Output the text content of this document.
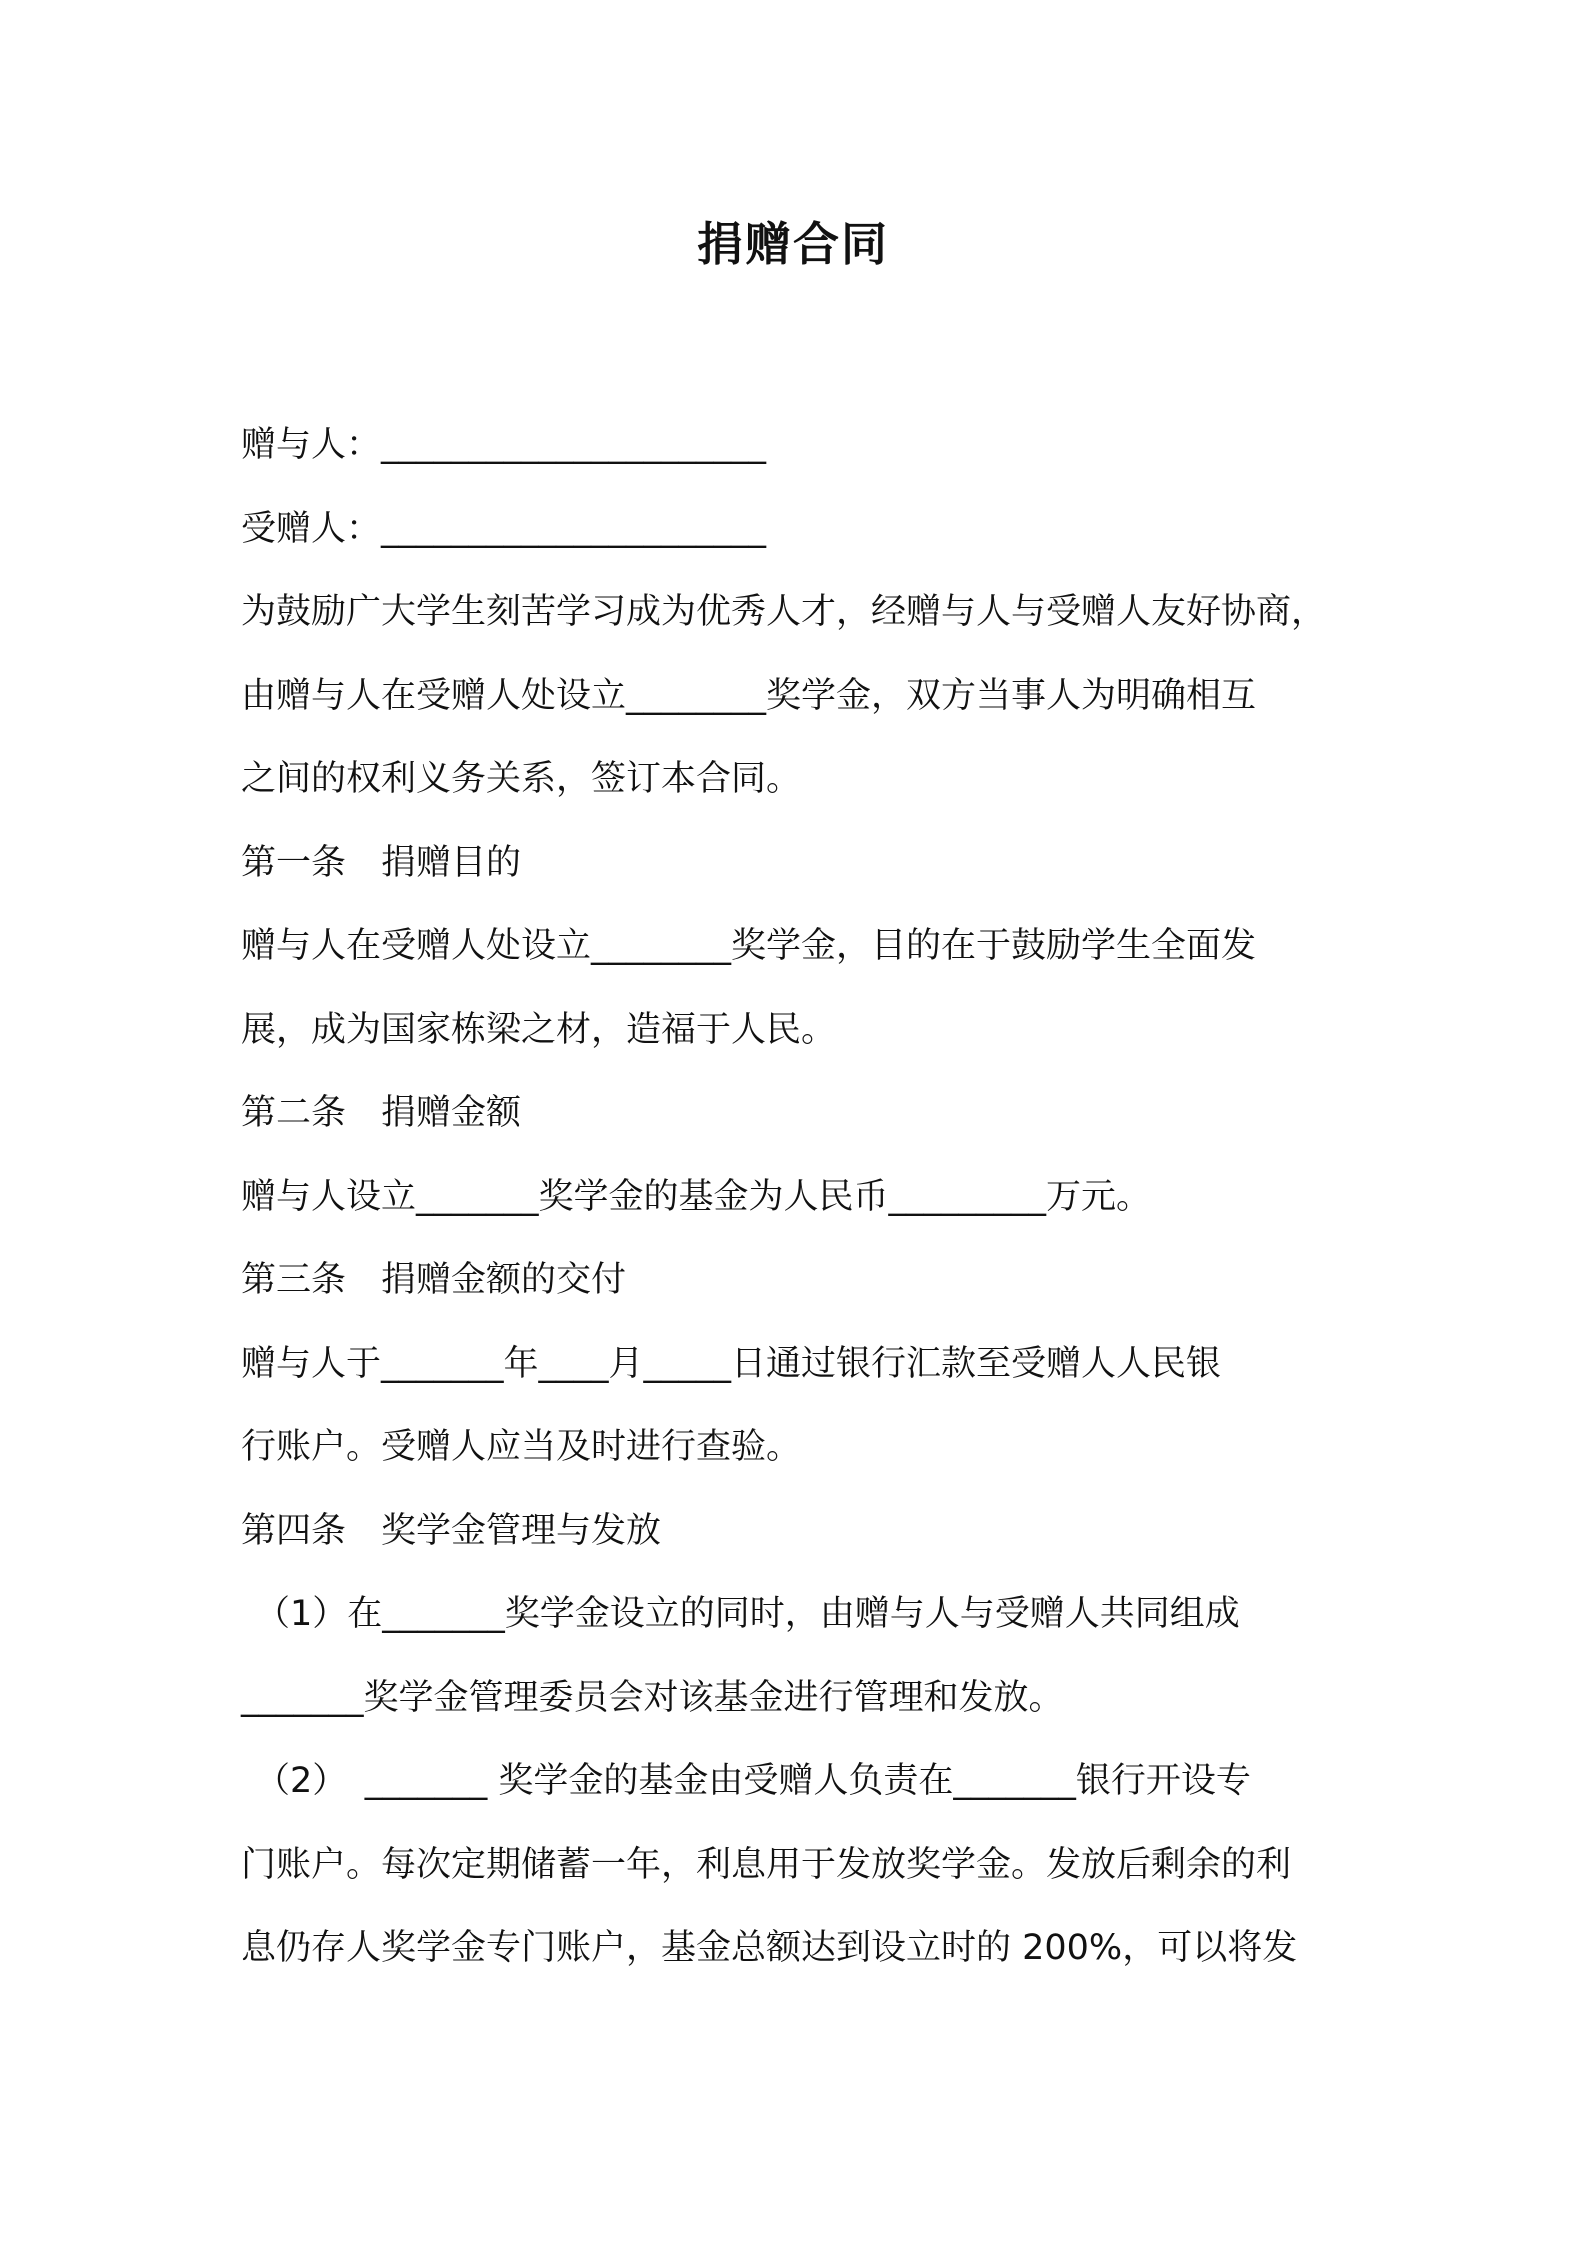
捐赠合同
赠与人：______________________
受赠人：______________________
为鼓励广大学生刻苦学习成为优秀人才，经赠与人与受赠人友好协商，
由赠与人在受赠人处设立________奖学金，双方当事人为明确相互
之间的权利义务关系，签订本合同。
第一条　捐赠目的
赠与人在受赠人处设立________奖学金，目的在于鼓励学生全面发
展，成为国家栋梁之材，造福于人民。
第二条　捐赠金额
赠与人设立_______奖学金的基金为人民币_________万元。
第三条　捐赠金额的交付
赠与人于_______年____月_____日通过银行汇款至受赠人人民银
行账户。受赠人应当及时进行查验。
第四条　奖学金管理与发放
（1）在_______奖学金设立的同时，由赠与人与受赠人共同组成
_______奖学金管理委员会对该基金进行管理和发放。
（2）　_______ 奖学金的基金由受赠人负责在_______银行开设专
门账户。每次定期储蓄一年，利息用于发放奖学金。发放后剩余的利
息仍存人奖学金专门账户，基金总额达到设立时的 200%，可以将发
